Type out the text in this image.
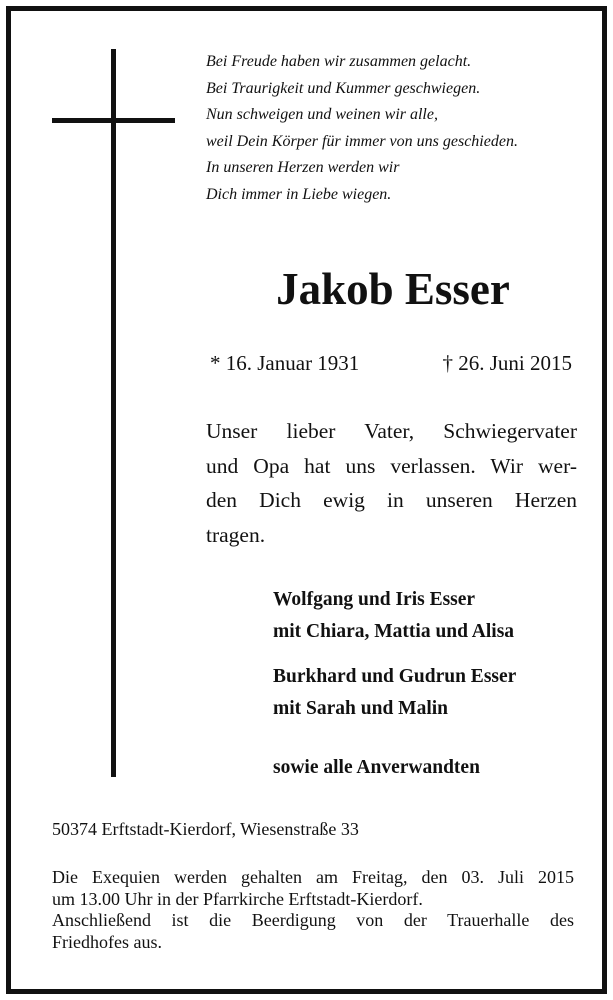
Bei Freude haben wir zusammen gelacht.
Bei Traurigkeit und Kummer geschwiegen.
Nun schweigen und weinen wir alle,
weil Dein Körper für immer von uns geschieden.
In unseren Herzen werden wir
Dich immer in Liebe wiegen.
Jakob Esser
* 16. Januar 1931	† 26. Juni 2015
Unser lieber Vater, Schwiegervater
und Opa hat uns verlassen. Wir wer-
den Dich ewig in unseren Herzen
tragen.
Wolfgang und Iris Esser
mit Chiara, Mattia und Alisa
Burkhard und Gudrun Esser
mit Sarah und Malin
sowie alle Anverwandten
50374 Erftstadt-Kierdorf, Wiesenstraße 33
Die Exequien werden gehalten am Freitag, den 03. Juli 2015
um 13.00 Uhr in der Pfarrkirche Erftstadt-Kierdorf.
Anschließend ist die Beerdigung von der Trauerhalle des
Friedhofes aus.
